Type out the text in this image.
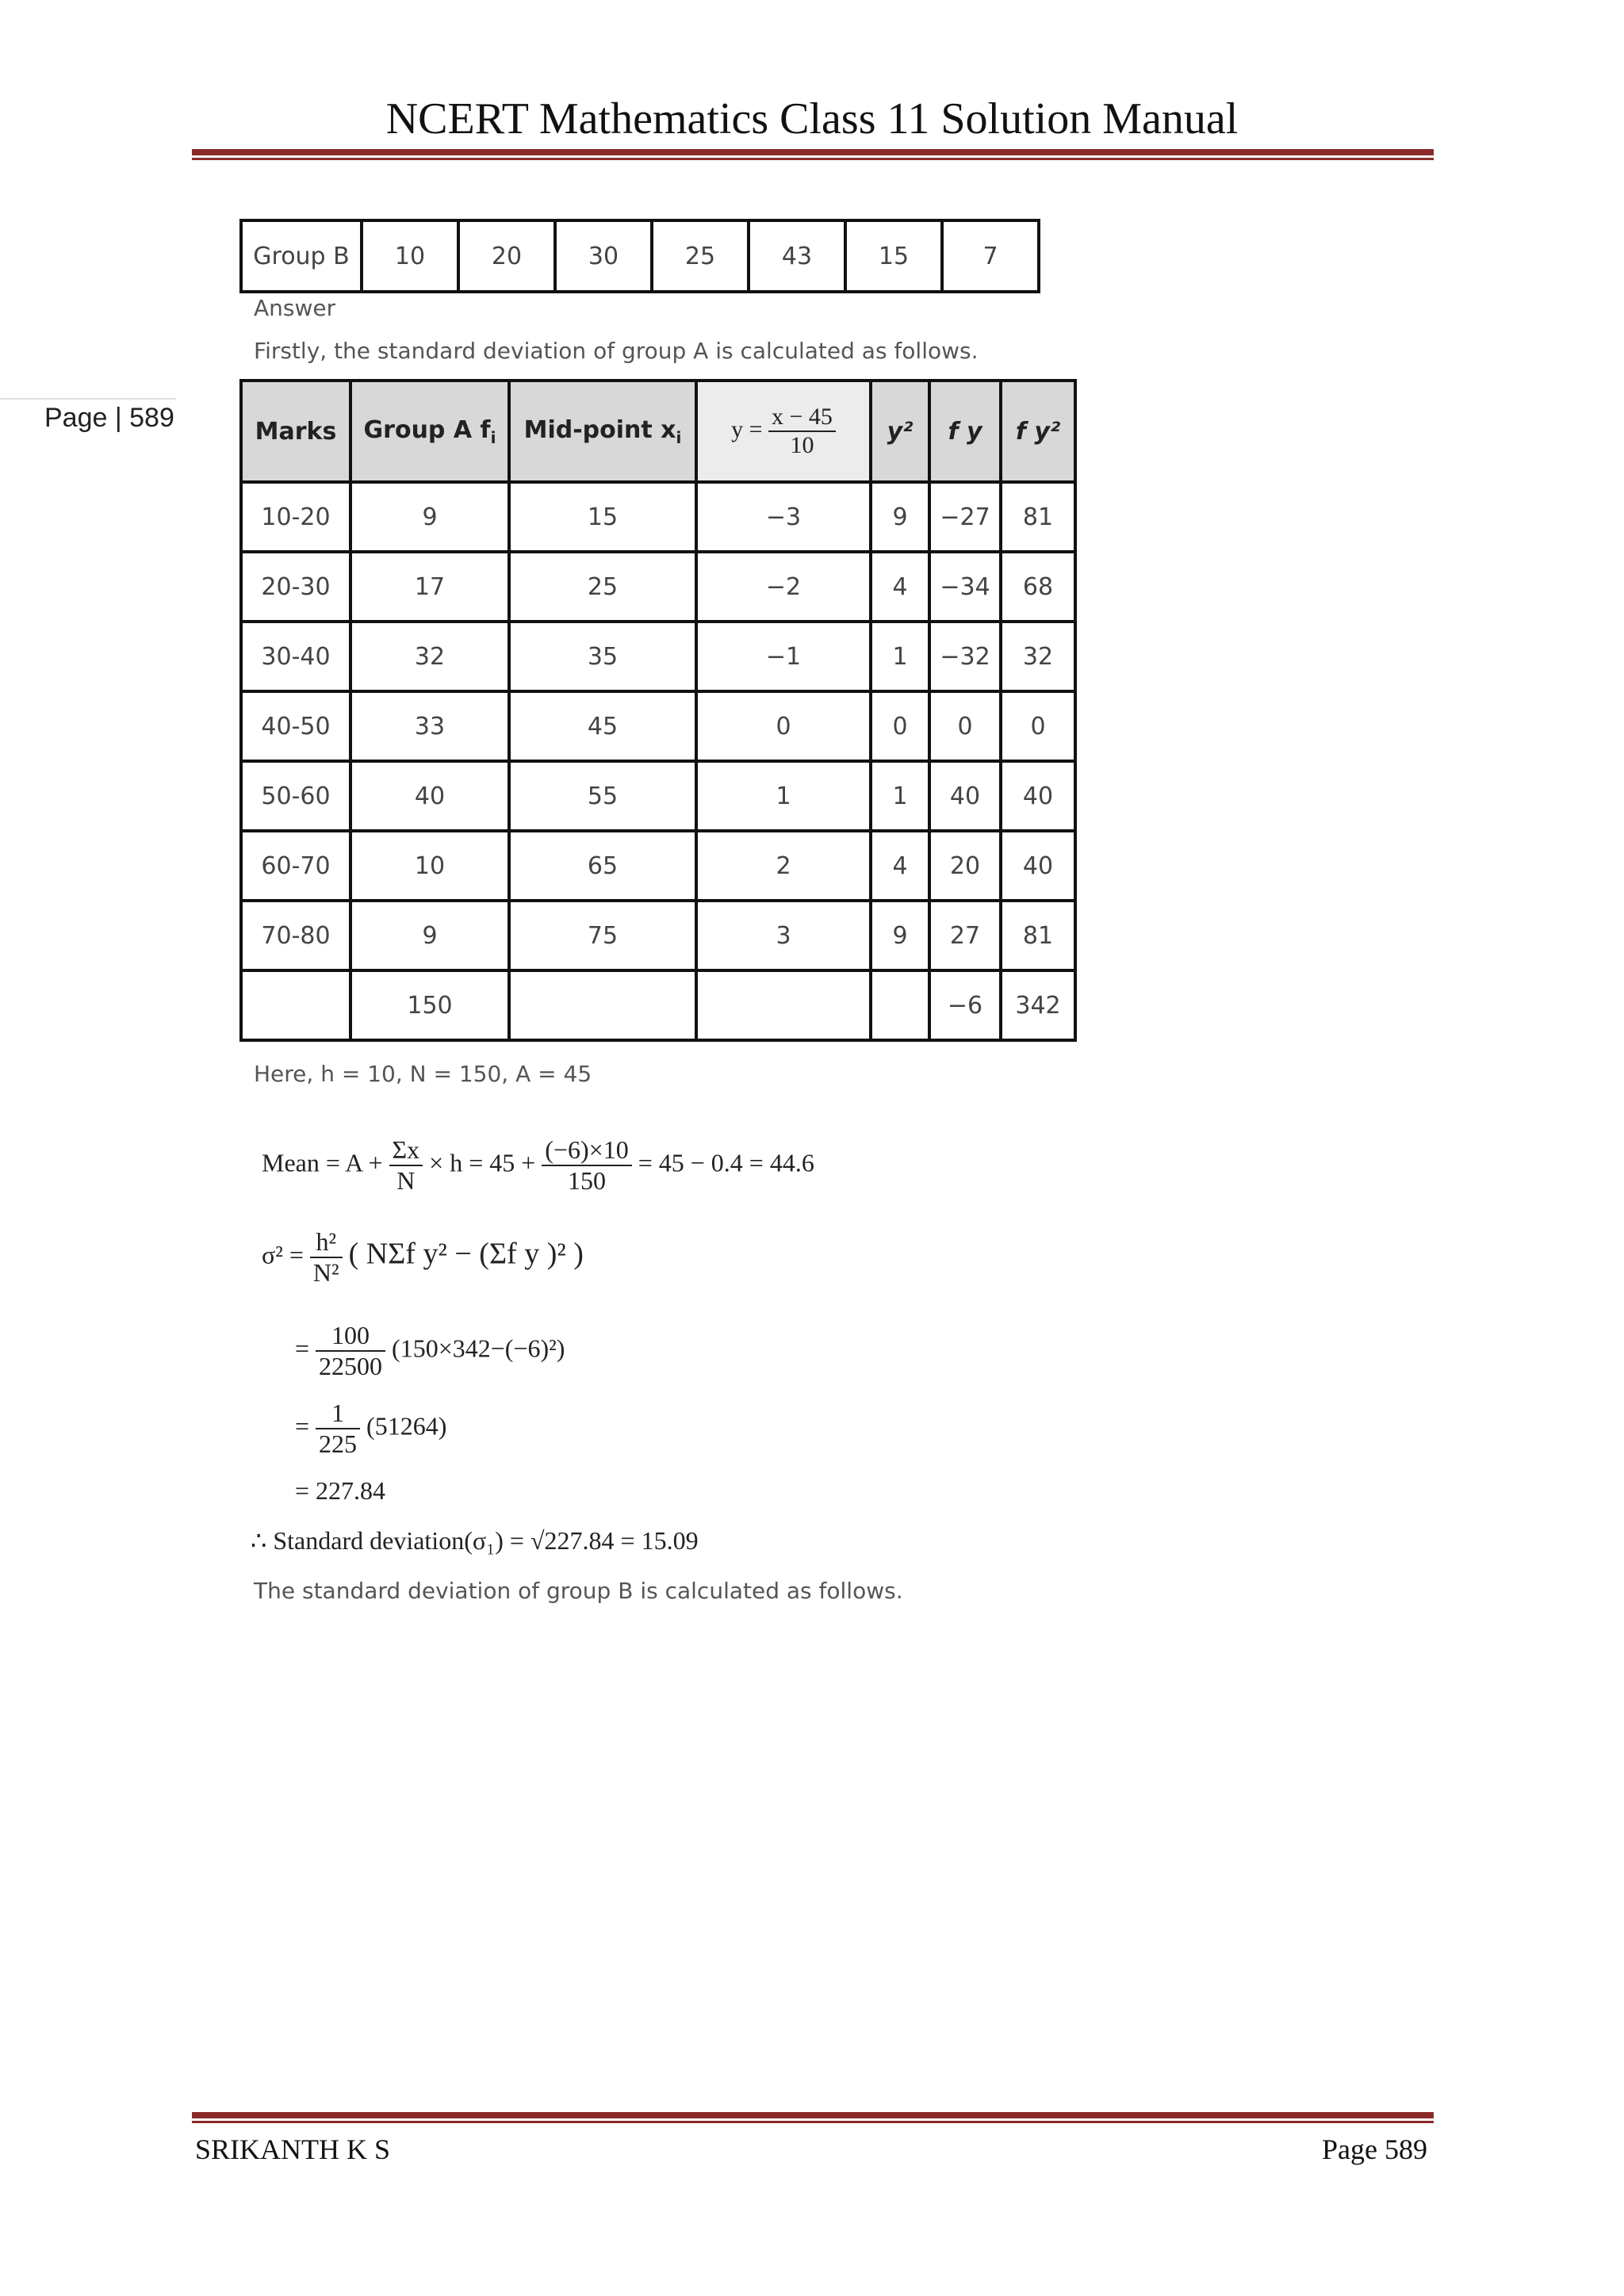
NCERT Mathematics Class 11 Solution Manual
Page | 589
Group B	10	20	30	25	43	15	7
Answer
Firstly, the standard deviation of group A is calculated as follows.
Marks	Group A $f_i$	Mid-point $x_i$	$y = \frac{x - 45}{10}$	y²	f y	f y²
10-20	9	15	−3	9	−27	81
20-30	17	25	−2	4	−34	68
30-40	32	35	−1	1	−32	32
40-50	33	45	0	0	0	0
50-60	40	55	1	1	40	40
60-70	10	65	2	4	20	40
70-80	9	75	3	9	27	81
	150				−6	342
Here, h = 10, N = 150, A = 45
Mean = $A + \frac{\Sigma x}{N} \times h = 45 + \frac{(-6)\times 10}{150} = 45 - 0.4 = 44.6$
$\sigma^2 = \frac{\text{h²}}{\text{N²}}$ ( NΣf y² − (Σf y )² )
= $\frac{100}{22500} (150\times 342-(-6)^2)$
= $\frac{1}{225} (51264)$
= 227.84
∴ Standard deviation(σ₁) = √227.84 = 15.09
The standard deviation of group B is calculated as follows.
SRIKANTH K S	Page 589
